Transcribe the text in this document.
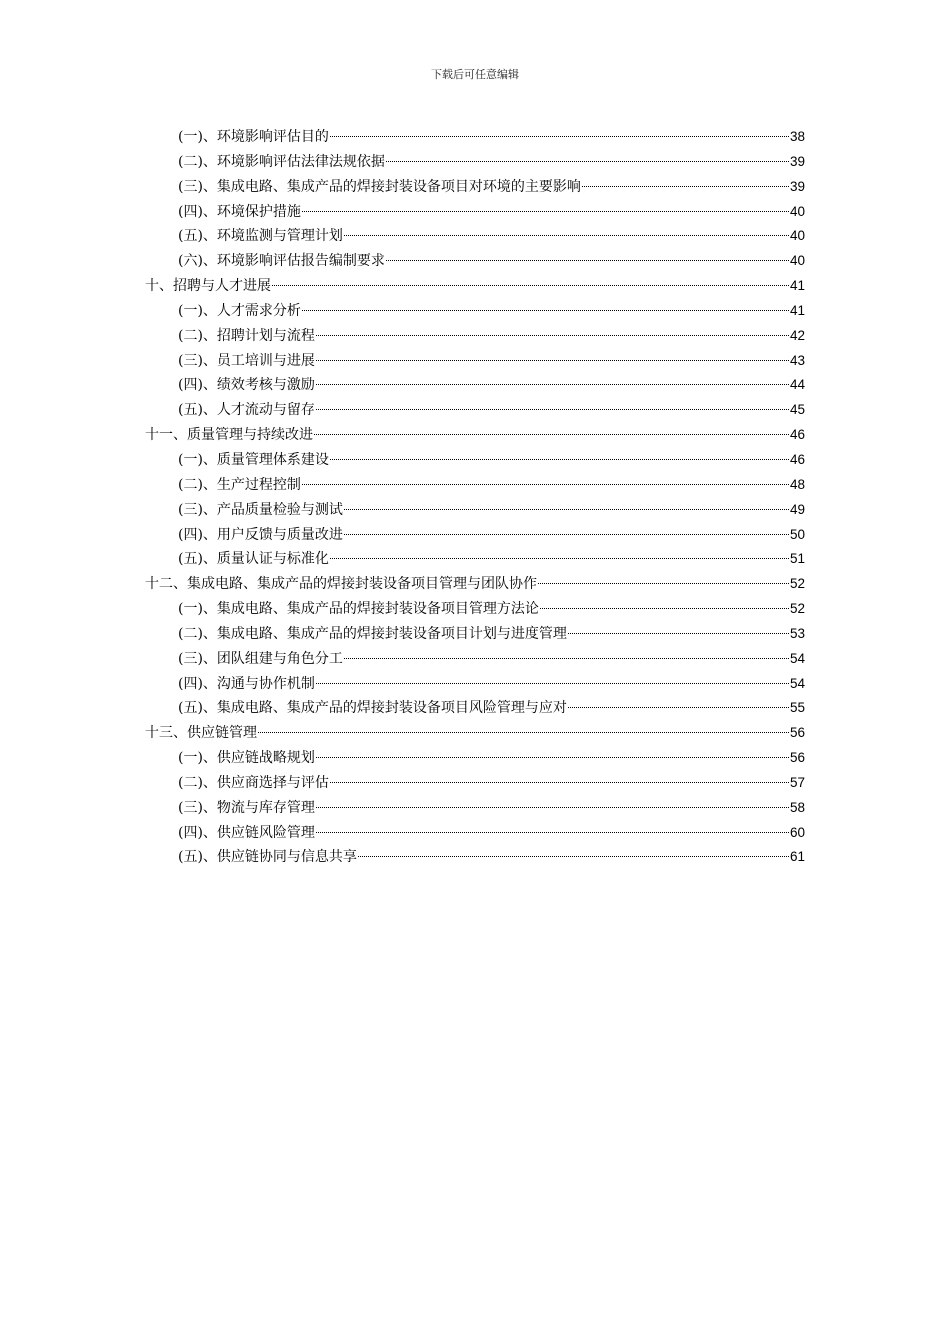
下载后可任意编辑
(一)、环境影响评估目的	38
(二)、环境影响评估法律法规依据	39
(三)、集成电路、集成产品的焊接封装设备项目对环境的主要影响	39
(四)、环境保护措施	40
(五)、环境监测与管理计划	40
(六)、环境影响评估报告编制要求	40
十、招聘与人才进展	41
(一)、人才需求分析	41
(二)、招聘计划与流程	42
(三)、员工培训与进展	43
(四)、绩效考核与激励	44
(五)、人才流动与留存	45
十一、质量管理与持续改进	46
(一)、质量管理体系建设	46
(二)、生产过程控制	48
(三)、产品质量检验与测试	49
(四)、用户反馈与质量改进	50
(五)、质量认证与标准化	51
十二、集成电路、集成产品的焊接封装设备项目管理与团队协作	52
(一)、集成电路、集成产品的焊接封装设备项目管理方法论	52
(二)、集成电路、集成产品的焊接封装设备项目计划与进度管理	53
(三)、团队组建与角色分工	54
(四)、沟通与协作机制	54
(五)、集成电路、集成产品的焊接封装设备项目风险管理与应对	55
十三、供应链管理	56
(一)、供应链战略规划	56
(二)、供应商选择与评估	57
(三)、物流与库存管理	58
(四)、供应链风险管理	60
(五)、供应链协同与信息共享	61
